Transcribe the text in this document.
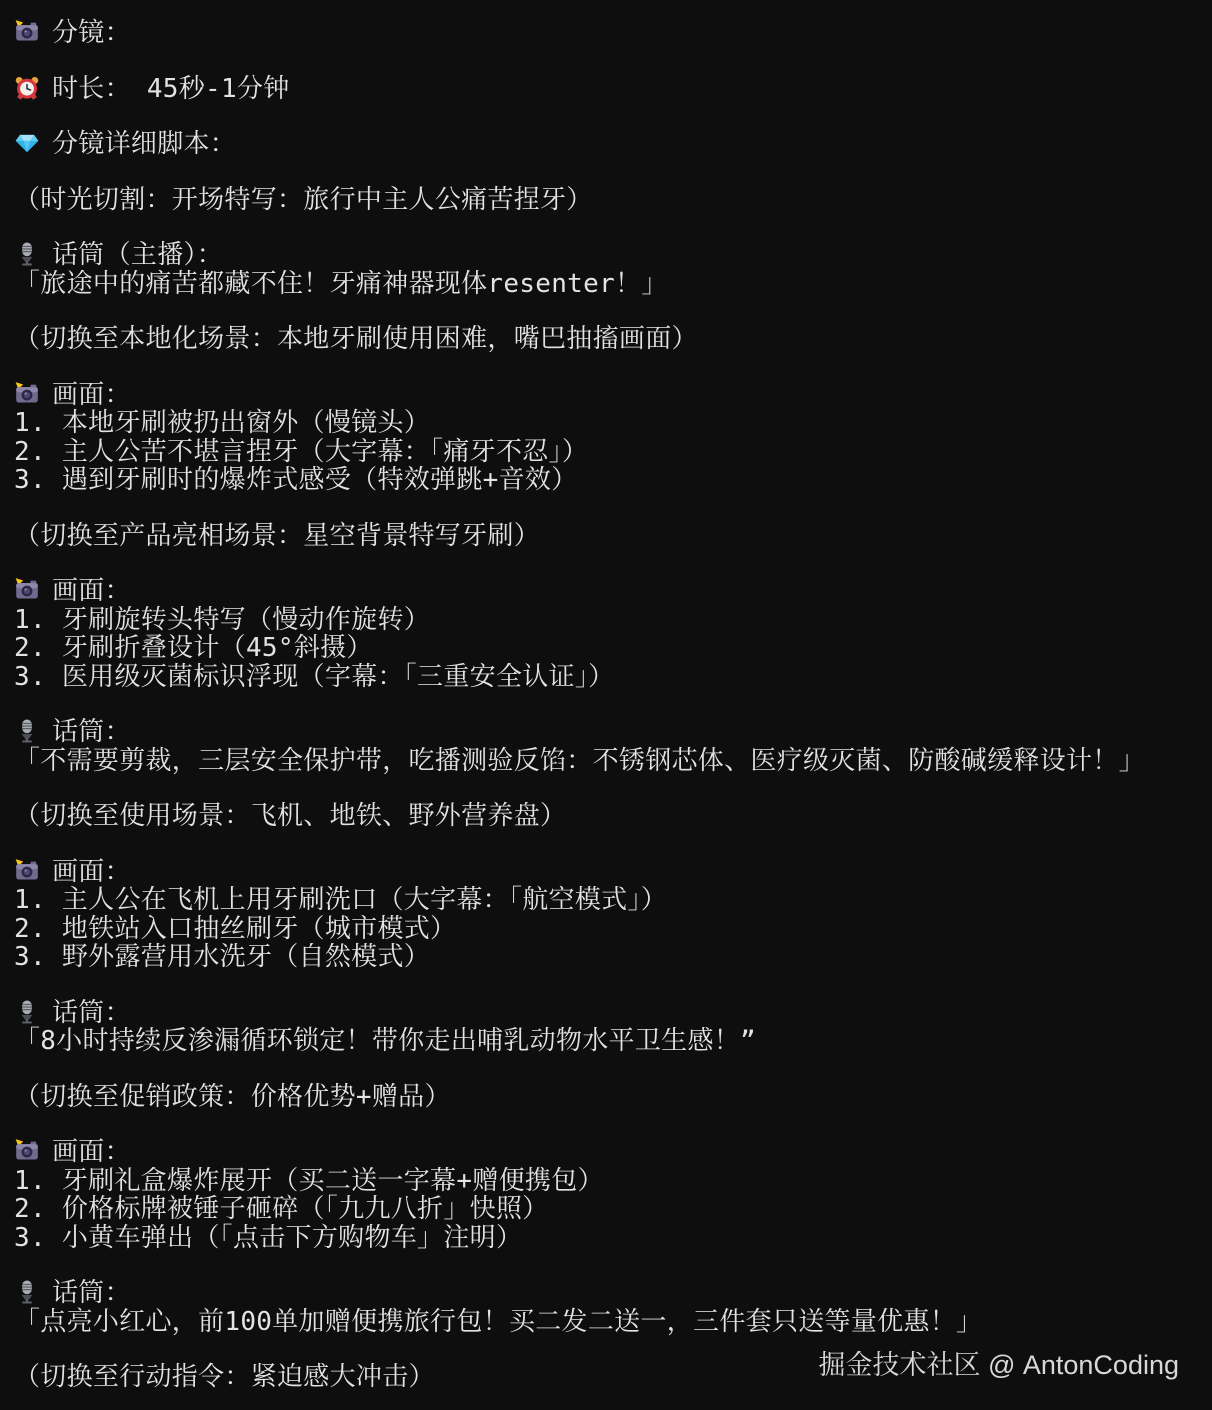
分镜：
时长： 45秒-1分钟
分镜详细脚本：
（时光切割：开场特写：旅行中主人公痛苦捏牙）
话筒（主播）：
「旅途中的痛苦都藏不住！牙痛神器现体resenter！」
（切换至本地化场景：本地牙刷使用困难，嘴巴抽搐画面）
画面：
1. 本地牙刷被扔出窗外（慢镜头）
2. 主人公苦不堪言捏牙（大字幕：「痛牙不忍」）
3. 遇到牙刷时的爆炸式感受（特效弹跳+音效）
（切换至产品亮相场景：星空背景特写牙刷）
画面：
1. 牙刷旋转头特写（慢动作旋转）
2. 牙刷折叠设计（45°斜摄）
3. 医用级灭菌标识浮现（字幕：「三重安全认证」）
话筒：
「不需要剪裁，三层安全保护带，吃播测验反馅：不锈钢芯体、医疗级灭菌、防酸碱缓释设计！」
（切换至使用场景：飞机、地铁、野外营养盘）
画面：
1. 主人公在飞机上用牙刷洗口（大字幕：「航空模式」）
2. 地铁站入口抽丝刷牙（城市模式）
3. 野外露营用水洗牙（自然模式）
话筒：
「8小时持续反渗漏循环锁定！带你走出哺乳动物水平卫生感！”
（切换至促销政策：价格优势+赠品）
画面：
1. 牙刷礼盒爆炸展开（买二送一字幕+赠便携包）
2. 价格标牌被锤子砸碎（「九九八折」快照）
3. 小黄车弹出（「点击下方购物车」注明）
话筒：
「点亮小红心，前100单加赠便携旅行包！买二发二送一，三件套只送等量优惠！」
（切换至行动指令：紧迫感大冲击）	掘金技术社区 @ AntonCoding
